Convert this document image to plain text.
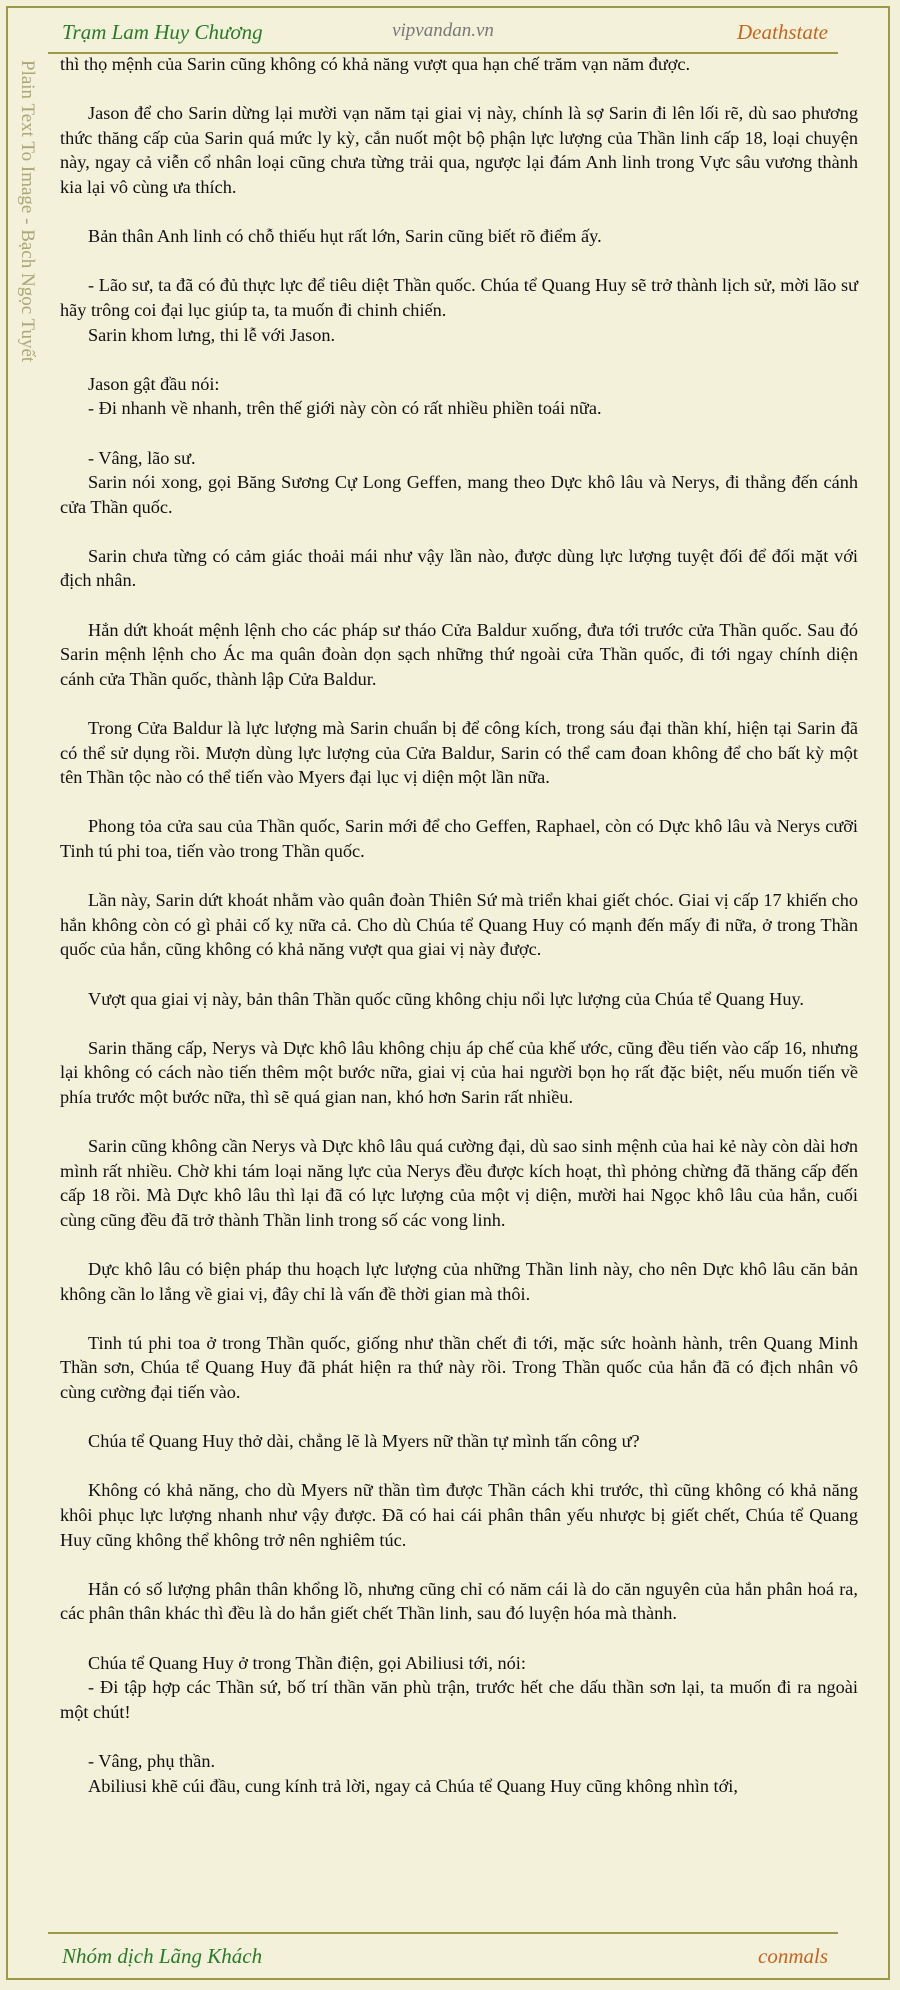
Trạm Lam Huy Chương	vipvandan.vn	Deathstate
Plain Text To Image - Bạch Ngọc Tuyết thì thọ mệnh của Sarin cũng không có khả năng vượt qua hạn chế trăm vạn năm được.

Jason để cho Sarin dừng lại mười vạn năm tại giai vị này, chính là sợ Sarin đi lên lối rẽ, dù sao phương thức thăng cấp của Sarin quá mức ly kỳ, cắn nuốt một bộ phận lực lượng của Thần linh cấp 18, loại chuyện này, ngay cả viễn cổ nhân loại cũng chưa từng trải qua, ngược lại đám Anh linh trong Vực sâu vương thành kia lại vô cùng ưa thích.

Bản thân Anh linh có chỗ thiếu hụt rất lớn, Sarin cũng biết rõ điểm ấy.

- Lão sư, ta đã có đủ thực lực để tiêu diệt Thần quốc. Chúa tể Quang Huy sẽ trở thành lịch sử, mời lão sư hãy trông coi đại lục giúp ta, ta muốn đi chinh chiến.

Sarin khom lưng, thi lễ với Jason.

Jason gật đầu nói:

- Đi nhanh về nhanh, trên thế giới này còn có rất nhiều phiền toái nữa.

- Vâng, lão sư.

Sarin nói xong, gọi Băng Sương Cự Long Geffen, mang theo Dực khô lâu và Nerys, đi thẳng đến cánh cửa Thần quốc.

Sarin chưa từng có cảm giác thoải mái như vậy lần nào, được dùng lực lượng tuyệt đối để đối mặt với địch nhân.

Hắn dứt khoát mệnh lệnh cho các pháp sư tháo Cửa Baldur xuống, đưa tới trước cửa Thần quốc. Sau đó Sarin mệnh lệnh cho Ác ma quân đoàn dọn sạch những thứ ngoài cửa Thần quốc, đi tới ngay chính diện cánh cửa Thần quốc, thành lập Cửa Baldur.

Trong Cửa Baldur là lực lượng mà Sarin chuẩn bị để công kích, trong sáu đại thần khí, hiện tại Sarin đã có thể sử dụng rồi. Mượn dùng lực lượng của Cửa Baldur, Sarin có thể cam đoan không để cho bất kỳ một tên Thần tộc nào có thể tiến vào Myers đại lục vị diện một lần nữa.

Phong tỏa cửa sau của Thần quốc, Sarin mới để cho Geffen, Raphael, còn có Dực khô lâu và Nerys cưỡi Tinh tú phi toa, tiến vào trong Thần quốc.

Lần này, Sarin dứt khoát nhằm vào quân đoàn Thiên Sứ mà triển khai giết chóc. Giai vị cấp 17 khiến cho hắn không còn có gì phải cố kỵ nữa cả. Cho dù Chúa tể Quang Huy có mạnh đến mấy đi nữa, ở trong Thần quốc của hắn, cũng không có khả năng vượt qua giai vị này được.

Vượt qua giai vị này, bản thân Thần quốc cũng không chịu nổi lực lượng của Chúa tể Quang Huy.

Sarin thăng cấp, Nerys và Dực khô lâu không chịu áp chế của khế ước, cũng đều tiến vào cấp 16, nhưng lại không có cách nào tiến thêm một bước nữa, giai vị của hai người bọn họ rất đặc biệt, nếu muốn tiến về phía trước một bước nữa, thì sẽ quá gian nan, khó hơn Sarin rất nhiều.

Sarin cũng không cần Nerys và Dực khô lâu quá cường đại, dù sao sinh mệnh của hai kẻ này còn dài hơn mình rất nhiều. Chờ khi tám loại năng lực của Nerys đều được kích hoạt, thì phỏng chừng đã thăng cấp đến cấp 18 rồi. Mà Dực khô lâu thì lại đã có lực lượng của một vị diện, mười hai Ngọc khô lâu của hắn, cuối cùng cũng đều đã trở thành Thần linh trong số các vong linh.

Dực khô lâu có biện pháp thu hoạch lực lượng của những Thần linh này, cho nên Dực khô lâu căn bản không cần lo lắng về giai vị, đây chỉ là vấn đề thời gian mà thôi.

Tinh tú phi toa ở trong Thần quốc, giống như thần chết đi tới, mặc sức hoành hành, trên Quang Minh Thần sơn, Chúa tể Quang Huy đã phát hiện ra thứ này rồi. Trong Thần quốc của hắn đã có địch nhân vô cùng cường đại tiến vào.

Chúa tể Quang Huy thở dài, chẳng lẽ là Myers nữ thần tự mình tấn công ư?

Không có khả năng, cho dù Myers nữ thần tìm được Thần cách khi trước, thì cũng không có khả năng khôi phục lực lượng nhanh như vậy được. Đã có hai cái phân thân yếu nhược bị giết chết, Chúa tể Quang Huy cũng không thể không trở nên nghiêm túc.

Hắn có số lượng phân thân khổng lồ, nhưng cũng chỉ có năm cái là do căn nguyên của hắn phân hoá ra, các phân thân khác thì đều là do hắn giết chết Thần linh, sau đó luyện hóa mà thành.

Chúa tể Quang Huy ở trong Thần điện, gọi Abiliusi tới, nói:

- Đi tập hợp các Thần sứ, bố trí thần văn phù trận, trước hết che dấu thần sơn lại, ta muốn đi ra ngoài một chút!

- Vâng, phụ thần.

Abiliusi khẽ cúi đầu, cung kính trả lời, ngay cả Chúa tể Quang Huy cũng không nhìn tới,

Nhóm dịch Lãng Khách	conmals
